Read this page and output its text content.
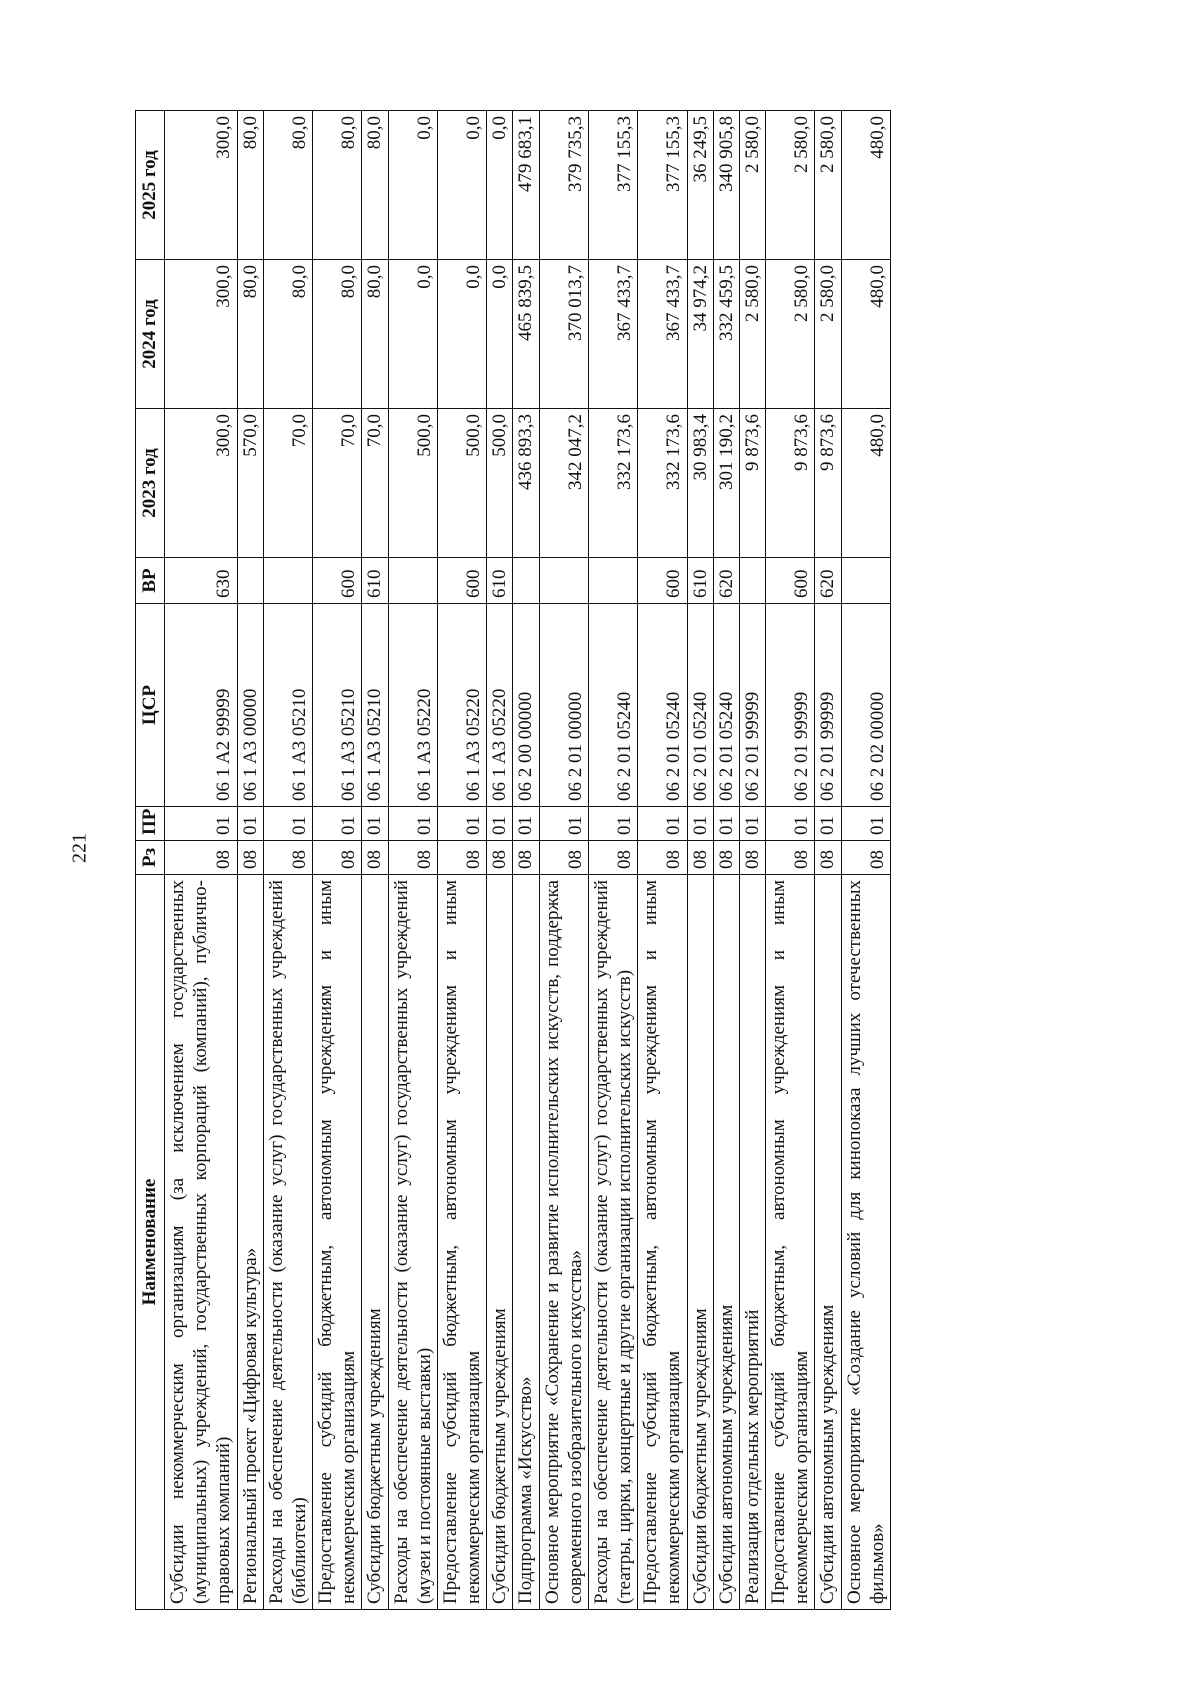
221
Наименование	Рз	ПР	ЦСР	ВР	2023 год	2024 год	2025 год
Субсидии некоммерческим организациям (за исключением государственных (муниципальных) учреждений, государственных корпораций (компаний), публично-правовых компаний)	08	01	06 1 A2 99999	630	300,0	300,0	300,0
Региональный проект «Цифровая культура»	08	01	06 1 A3 00000		570,0	80,0	80,0
Расходы на обеспечение деятельности (оказание услуг) государственных учреждений (библиотеки)	08	01	06 1 A3 05210		70,0	80,0	80,0
Предоставление субсидий бюджетным, автономным учреждениям и иным некоммерческим организациям	08	01	06 1 A3 05210	600	70,0	80,0	80,0
Субсидии бюджетным учреждениям	08	01	06 1 A3 05210	610	70,0	80,0	80,0
Расходы на обеспечение деятельности (оказание услуг) государственных учреждений (музеи и постоянные выставки)	08	01	06 1 A3 05220		500,0	0,0	0,0
Предоставление субсидий бюджетным, автономным учреждениям и иным некоммерческим организациям	08	01	06 1 A3 05220	600	500,0	0,0	0,0
Субсидии бюджетным учреждениям	08	01	06 1 A3 05220	610	500,0	0,0	0,0
Подпрограмма «Искусство»	08	01	06 2 00 00000		436 893,3	465 839,5	479 683,1
Основное мероприятие «Сохранение и развитие исполнительских искусств, поддержка современного изобразительного искусства»	08	01	06 2 01 00000		342 047,2	370 013,7	379 735,3
Расходы на обеспечение деятельности (оказание услуг) государственных учреждений (театры, цирки, концертные и другие организации исполнительских искусств)	08	01	06 2 01 05240		332 173,6	367 433,7	377 155,3
Предоставление субсидий бюджетным, автономным учреждениям и иным некоммерческим организациям	08	01	06 2 01 05240	600	332 173,6	367 433,7	377 155,3
Субсидии бюджетным учреждениям	08	01	06 2 01 05240	610	30 983,4	34 974,2	36 249,5
Субсидии автономным учреждениям	08	01	06 2 01 05240	620	301 190,2	332 459,5	340 905,8
Реализация отдельных мероприятий	08	01	06 2 01 99999		9 873,6	2 580,0	2 580,0
Предоставление субсидий бюджетным, автономным учреждениям и иным некоммерческим организациям	08	01	06 2 01 99999	600	9 873,6	2 580,0	2 580,0
Субсидии автономным учреждениям	08	01	06 2 01 99999	620	9 873,6	2 580,0	2 580,0
Основное мероприятие «Создание условий для кинопоказа лучших отечественных фильмов»	08	01	06 2 02 00000		480,0	480,0	480,0
